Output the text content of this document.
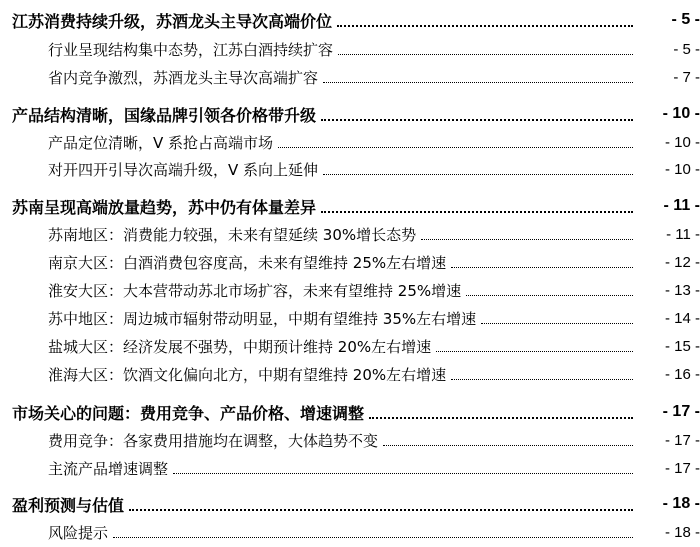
江苏消费持续升级，苏酒龙头主导次高端价位	- 5 -
行业呈现结构集中态势，江苏白酒持续扩容	- 5 -
省内竞争激烈，苏酒龙头主导次高端扩容	- 7 -
产品结构清晰，国缘品牌引领各价格带升级	- 10 -
产品定位清晰，V 系抢占高端市场	- 10 -
对开四开引导次高端升级，V 系向上延伸	- 10 -
苏南呈现高端放量趋势，苏中仍有体量差异	- 11 -
苏南地区：消费能力较强，未来有望延续 30%增长态势	- 11 -
南京大区：白酒消费包容度高，未来有望维持 25%左右增速	- 12 -
淮安大区：大本营带动苏北市场扩容，未来有望维持 25%增速	- 13 -
苏中地区：周边城市辐射带动明显，中期有望维持 35%左右增速	- 14 -
盐城大区：经济发展不强势，中期预计维持 20%左右增速	- 15 -
淮海大区：饮酒文化偏向北方，中期有望维持 20%左右增速	- 16 -
市场关心的问题：费用竞争、产品价格、增速调整	- 17 -
费用竞争：各家费用措施均在调整，大体趋势不变	- 17 -
主流产品增速调整	- 17 -
盈利预测与估值	- 18 -
风险提示	- 18 -
